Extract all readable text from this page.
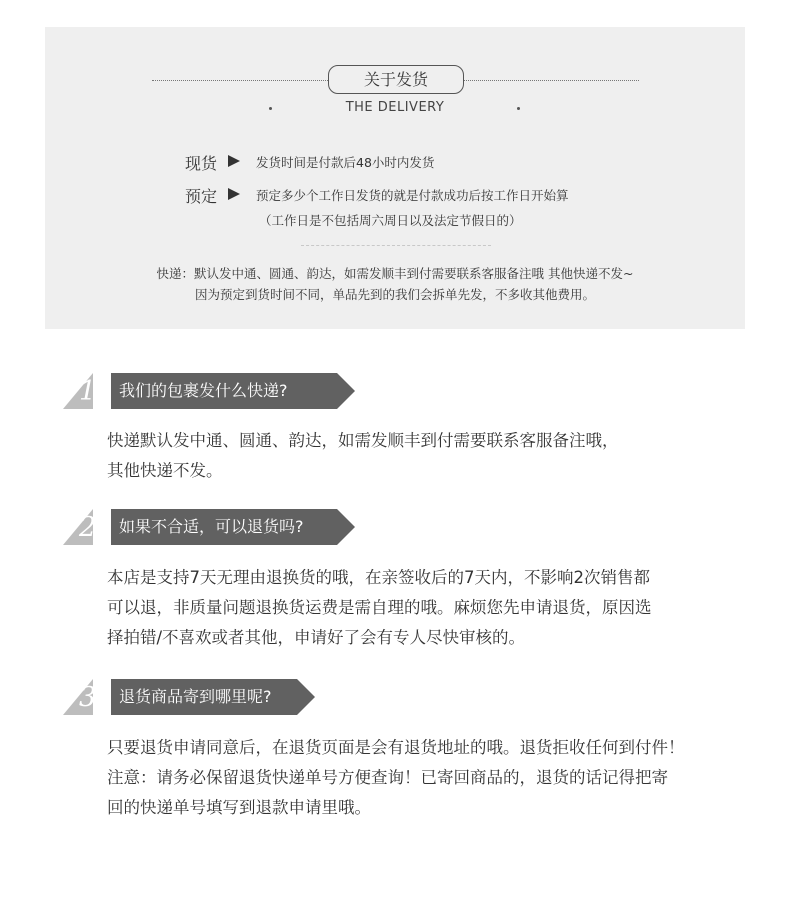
关于发货
THE DELIVERY
现货	发货时间是付款后48小时内发货
预定	预定多少个工作日发货的就是付款成功后按工作日开始算
（工作日是不包括周六周日以及法定节假日的）
快递：默认发中通、圆通、韵达，如需发顺丰到付需要联系客服备注哦 其他快递不发~
因为预定到货时间不同，单品先到的我们会拆单先发，不多收其他费用。
1	我们的包裹发什么快递?
快递默认发中通、圆通、韵达，如需发顺丰到付需要联系客服备注哦，
其他快递不发。
2	如果不合适，可以退货吗?
本店是支持7天无理由退换货的哦，在亲签收后的7天内，不影响2次销售都
可以退，非质量问题退换货运费是需自理的哦。麻烦您先申请退货，原因选
择拍错/不喜欢或者其他，申请好了会有专人尽快审核的。
3	退货商品寄到哪里呢?
只要退货申请同意后，在退货页面是会有退货地址的哦。退货拒收任何到付件！
注意：请务必保留退货快递单号方便查询！已寄回商品的，退货的话记得把寄
回的快递单号填写到退款申请里哦。
